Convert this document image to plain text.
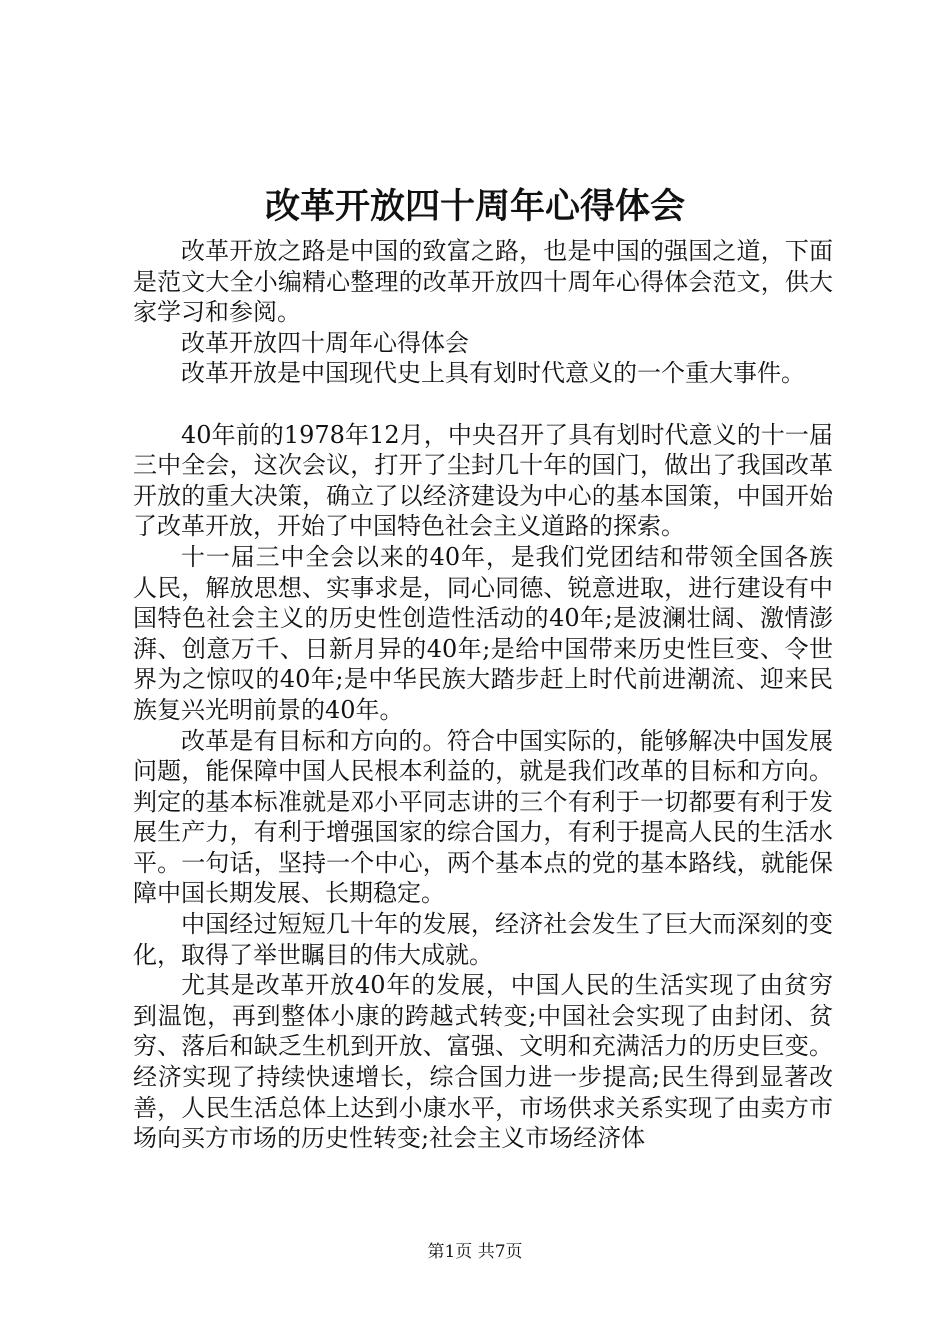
改革开放四十周年心得体会

改革开放之路是中国的致富之路，也是中国的强国之道，下面是范文大全小编精心整理的改革开放四十周年心得体会范文，供大家学习和参阅。

改革开放四十周年心得体会

改革开放是中国现代史上具有划时代意义的一个重大事件。

40年前的1978年12月，中央召开了具有划时代意义的十一届三中全会，这次会议，打开了尘封几十年的国门，做出了我国改革开放的重大决策，确立了以经济建设为中心的基本国策，中国开始了改革开放，开始了中国特色社会主义道路的探索。

十一届三中全会以来的40年，是我们党团结和带领全国各族人民，解放思想、实事求是，同心同德、锐意进取，进行建设有中国特色社会主义的历史性创造性活动的40年;是波澜壮阔、激情澎湃、创意万千、日新月异的40年;是给中国带来历史性巨变、令世界为之惊叹的40年;是中华民族大踏步赶上时代前进潮流、迎来民族复兴光明前景的40年。

改革是有目标和方向的。符合中国实际的，能够解决中国发展问题，能保障中国人民根本利益的，就是我们改革的目标和方向。判定的基本标准就是邓小平同志讲的三个有利于一切都要有利于发展生产力，有利于增强国家的综合国力，有利于提高人民的生活水平。一句话，坚持一个中心，两个基本点的党的基本路线，就能保障中国长期发展、长期稳定。

中国经过短短几十年的发展，经济社会发生了巨大而深刻的变化，取得了举世瞩目的伟大成就。

尤其是改革开放40年的发展，中国人民的生活实现了由贫穷到温饱，再到整体小康的跨越式转变;中国社会实现了由封闭、贫穷、落后和缺乏生机到开放、富强、文明和充满活力的历史巨变。经济实现了持续快速增长，综合国力进一步提高;民生得到显著改善，人民生活总体上达到小康水平，市场供求关系实现了由卖方市场向买方市场的历史性转变;社会主义市场经济体

第1页 共7页
